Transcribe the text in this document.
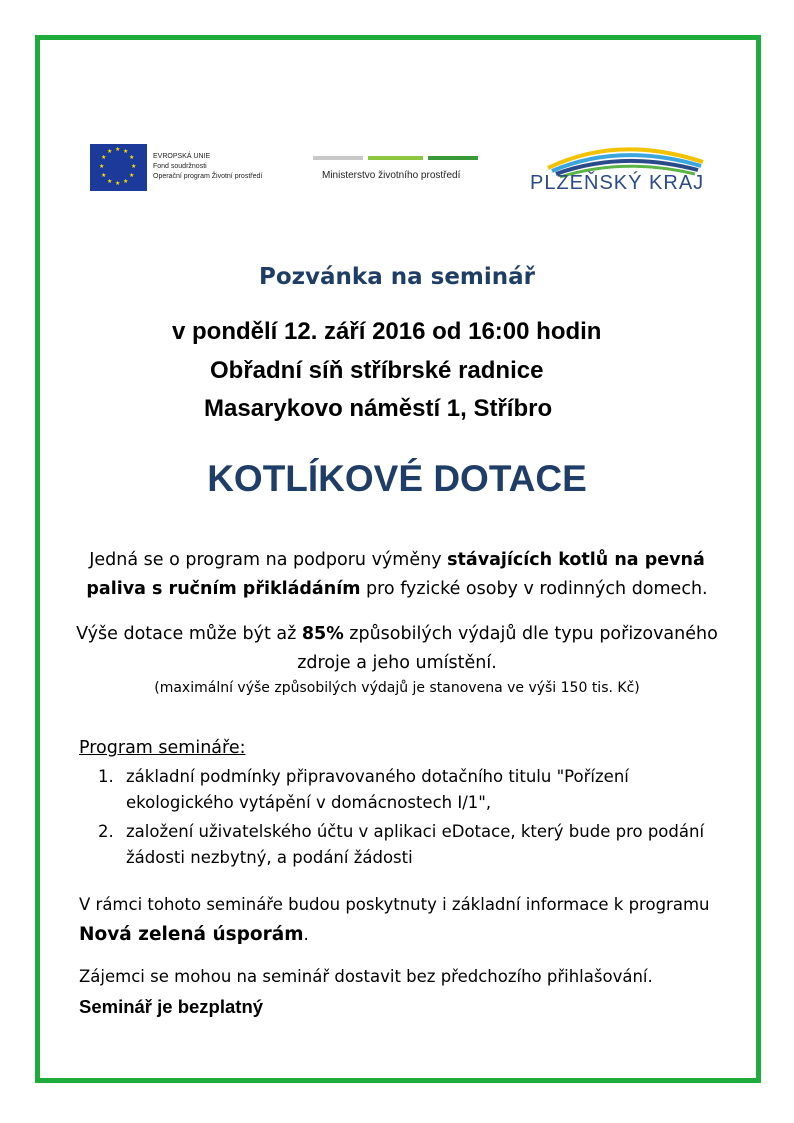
★ ★
★
★
★
★
★
★
★
★
★
★
EVROPSKÁ UNIE
Fond soudržnosti
Operační program Životní prostředí	Ministerstvo životního prostředí	PLZEŇSKÝ KRAJ
Pozvánka na seminář
v pondělí 12. září 2016 od 16:00 hodin
Obřadní síň stříbrské radnice
Masarykovo náměstí 1, Stříbro
KOTLÍKOVÉ DOTACE
Jedná se o program na podporu výměny stávajících kotlů na pevná paliva s ručním přikládáním pro fyzické osoby v rodinných domech.
Výše dotace může být až 85% způsobilých výdajů dle typu pořizovaného zdroje a jeho umístění.
(maximální výše způsobilých výdajů je stanovena ve výši 150 tis. Kč)
Program semináře:
1. základní podmínky připravovaného dotačního titulu "Pořízení ekologického vytápění v domácnostech I/1",
2. založení uživatelského účtu v aplikaci eDotace, který bude pro podání žádosti nezbytný, a podání žádosti
V rámci tohoto semináře budou poskytnuty i základní informace k programu Nová zelená úsporám.
Zájemci se mohou na seminář dostavit bez předchozího přihlašování.
Seminář je bezplatný
